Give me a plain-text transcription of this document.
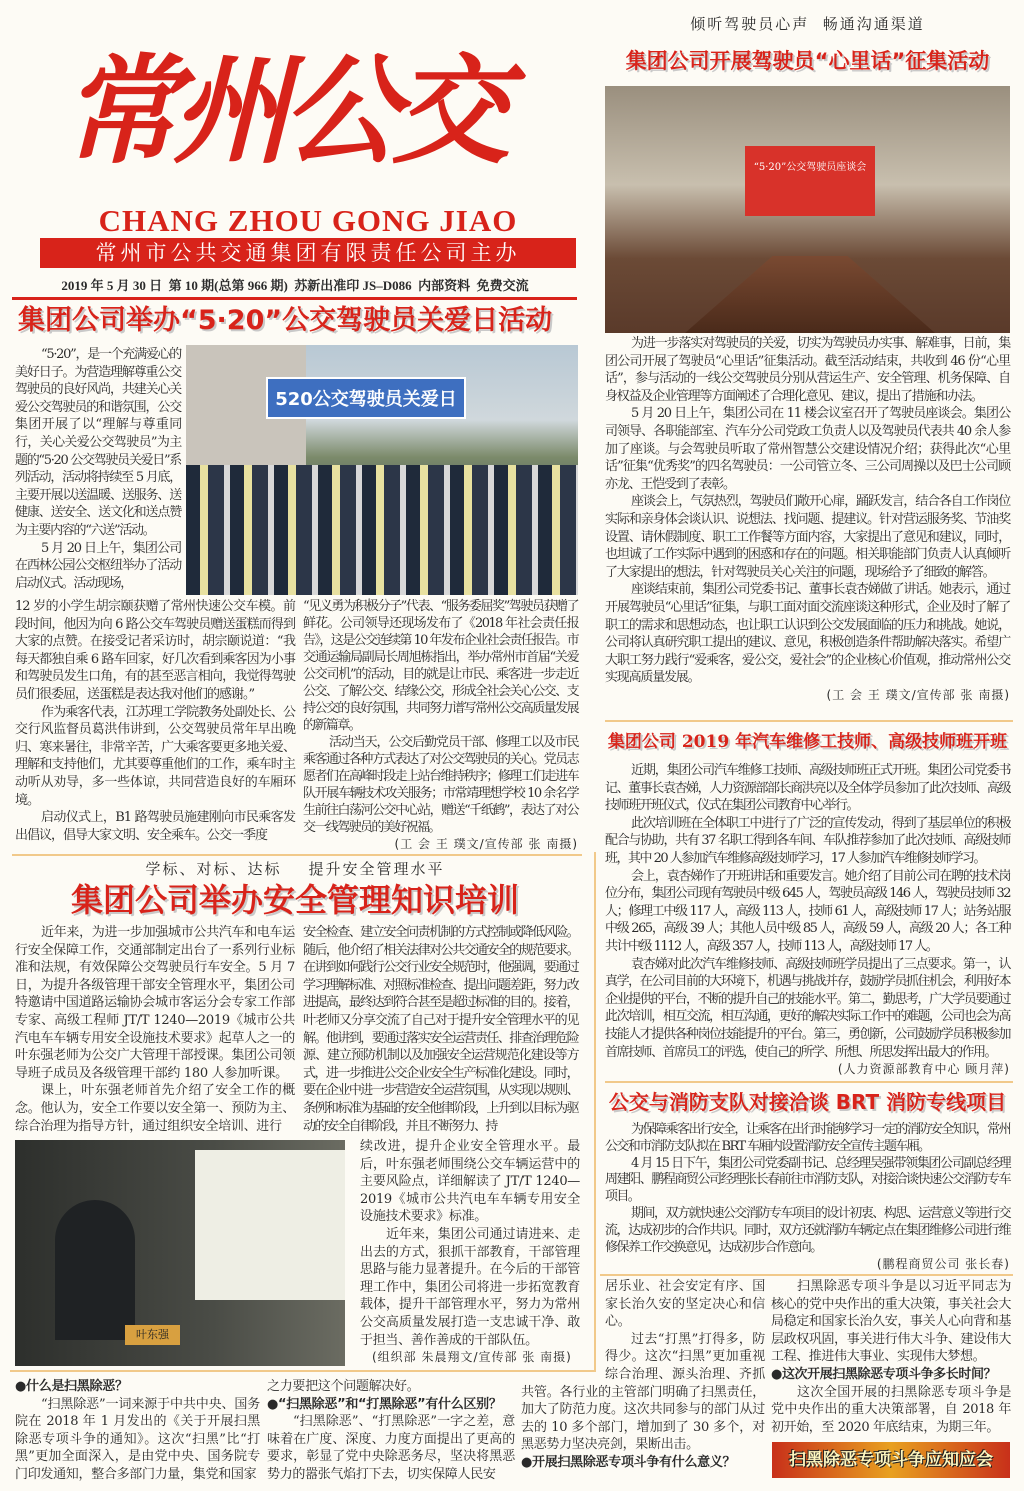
常州公交
CHANG ZHOU GONG JIAO
常州市公共交通集团有限责任公司主办
2019 年 5 月 30 日  第 10 期(总第 966 期)  苏新出准印 JS–D086  内部资料  免费交流
集团公司举办“5·20”公交驾驶员关爱日活动

“5·20”，是一个充满爱心的美好日子。为营造理解尊重公交驾驶员的良好风尚，共建关心关爱公交驾驶员的和谐氛围，公交集团开展了以“理解与尊重同行，关心关爱公交驾驶员”为主题的“5·20 公交驾驶员关爱日”系列活动，活动将持续至 5 月底，主要开展以送温暖、送服务、送健康、送安全、送文化和送点赞为主要内容的“六送”活动。

5 月 20 日上午，集团公司在西林公园公交枢纽举办了活动启动仪式。活动现场，

520公交驾驶员关爱日

12 岁的小学生胡宗颐获赠了常州快速公交车模。前段时间，他因为向 6 路公交车驾驶员赠送蛋糕而得到大家的点赞。在接受记者采访时，胡宗颐说道：“我每天都独自乘 6 路车回家，好几次看到乘客因为小事和驾驶员发生口角，有的甚至恶言相向，我觉得驾驶员们很委屈，送蛋糕是表达我对他们的感谢。”

作为乘客代表，江苏理工学院教务处副处长、公交行风监督员葛洪伟讲到，公交驾驶员常年早出晚归、寒来暑往，非常辛苦，广大乘客要更多地关爱、理解和支持他们，尤其要尊重他们的工作，乘车时主动听从劝导，多一些体谅，共同营造良好的车厢环境。

启动仪式上，B1 路驾驶员施建刚向市民乘客发出倡议，倡导大家文明、安全乘车。公交一季度

“见义勇为积极分子”代表、“服务委屈奖”驾驶员获赠了鲜花。公司领导还现场发布了《2018 年社会责任报告》，这是公交连续第 10 年发布企业社会责任报告。市交通运输局副局长周旭栋指出，举办常州市首届“关爱公交司机”的活动，目的就是让市民、乘客进一步走近公交、了解公交、结缘公交，形成全社会关心公交、支持公交的良好氛围，共同努力谱写常州公交高质量发展的新篇章。

活动当天，公交后勤党员干部、修理工以及市民乘客通过各种方式表达了对公交驾驶员的关心。党员志愿者们在高峰时段走上站台维持秩序；修理工们走进车队开展车辆技术攻关服务；市常靖理想学校 10 余名学生前往白荡河公交中心站，赠送“千纸鹤”，表达了对公交一线驾驶员的美好祝福。

(工 会 王 璞文/宣传部 张 南摄)

学标、对标、达标    提升安全管理水平
集团公司举办安全管理知识培训

近年来，为进一步加强城市公共汽车和电车运行安全保障工作，交通部制定出台了一系列行业标准和法规，有效保障公交驾驶员行车安全。5 月 7 日，为提升各级管理干部安全管理水平，集团公司特邀请中国道路运输协会城市客运分会专家工作部专家、高级工程师 JT/T 1240—2019《城市公共汽电车车辆专用安全设施技术要求》起草人之一的叶东强老师为公交广大管理干部授课。集团公司领导班子成员及各级管理干部约 180 人参加听课。

课上，叶东强老师首先介绍了安全工作的概念。他认为，安全工作要以安全第一、预防为主、综合治理为指导方针，通过组织安全培训、进行

安全检查、建立安全问责机制的方式控制或降低风险。随后，他介绍了相关法律对公共交通安全的规范要求。在讲到如何践行公交行业安全规范时，他强调，要通过学习理解标准、对照标准检查、提出问题差距，努力改进提高，最终达到符合甚至是超过标准的目的。接着，叶老师又分享交流了自己对于提升安全管理水平的见解。他讲到，要通过落实安全运营责任、排查治理危险源、建立预防机制以及加强安全运营规范化建设等方式，进一步推进公交企业安全生产标准化建设。同时，要在企业中进一步营造安全运营氛围，从实现以规则、条例和标准为基础的安全他律阶段，上升到以目标为驱动的安全自律阶段，并且不断努力、持

叶东强

续改进，提升企业安全管理水平。最后，叶东强老师围绕公交车辆运营中的主要风险点，详细解读了 JT/T 1240—2019《城市公共汽电车车辆专用安全设施技术要求》标准。

近年来，集团公司通过请进来、走出去的方式，狠抓干部教育，干部管理思路与能力显著提升。在今后的干部管理工作中，集团公司将进一步拓宽教育载体，提升干部管理水平，努力为常州公交高质量发展打造一支忠诚干净、敢于担当、善作善成的干部队伍。

(组织部 朱晨翔文/宣传部 张 南摄)

●什么是扫黑除恶？

“扫黑除恶”一词来源于中共中央、国务院在 2018 年 1 月发出的《关于开展扫黑除恶专项斗争的通知》。这次“扫黑”比“打黑”更加全面深入，是由党中央、国务院专门印发通知，整合多部门力量，集党和国家

之力要把这个问题解决好。

●“扫黑除恶”和“打黑除恶”有什么区别？

“扫黑除恶”、“打黑除恶”一字之差，意味着在广度、深度、力度方面提出了更高的要求，彰显了党中央除恶务尽，坚决将黑恶势力的嚣张气焰打下去，切实保障人民安

居乐业、社会安定有序、国家长治久安的坚定决心和信心。

过去“打黑”打得多，防得少。这次“扫黑”更加重视综合治理、源头治理、齐抓共管。各行业的主管部门明确了扫黑责任，加大了防范力度。这次共同参与的部门从过去的 10 多个部门，增加到了 30 多个，对黑恶势力坚决亮剑，果断出击。

●开展扫黑除恶专项斗争有什么意义？

扫黑除恶专项斗争是以习近平同志为核心的党中央作出的重大决策，事关社会大局稳定和国家长治久安，事关人心向背和基层政权巩固，事关进行伟大斗争、建设伟大工程、推进伟大事业、实现伟大梦想。

●这次开展扫黑除恶专项斗争多长时间？

这次全国开展的扫黑除恶专项斗争是党中央作出的重大决策部署，自 2018 年初开始，至 2020 年底结束，为期三年。

扫黑除恶专项斗争应知应会
倾听驾驶员心声  畅通沟通渠道
集团公司开展驾驶员“心里话”征集活动
“5·20”公交驾驶员座谈会

为进一步落实对驾驶员的关爱，切实为驾驶员办实事、解难事，日前，集团公司开展了驾驶员“心里话”征集活动。截至活动结束，共收到 46 份“心里话”，参与活动的一线公交驾驶员分别从营运生产、安全管理、机务保障、自身权益及企业管理等方面阐述了合理化意见、建议，提出了措施和办法。

5 月 20 日上午，集团公司在 11 楼会议室召开了驾驶员座谈会。集团公司领导、各职能部室、汽车分公司党政工负责人以及驾驶员代表共 40 余人参加了座谈。与会驾驶员听取了常州智慧公交建设情况介绍；获得此次“心里话”征集“优秀奖”的四名驾驶员：一公司管立冬、三公司周操以及巴士公司顾亦龙、王恺受到了表彰。

座谈会上，气氛热烈，驾驶员们敞开心扉，踊跃发言，结合各自工作岗位实际和亲身体会谈认识、说想法、找问题、提建议。针对营运服务奖、节油奖设置、请休假制度、职工工作餐等方面内容，大家提出了意见和建议，同时，也坦诚了工作实际中遇到的困惑和存在的问题。相关职能部门负责人认真倾听了大家提出的想法，针对驾驶员关心关注的问题，现场给予了细致的解答。

座谈结束前，集团公司党委书记、董事长袁杏娣做了讲话。她表示，通过开展驾驶员“心里话”征集，与职工面对面交流座谈这种形式，企业及时了解了职工的需求和思想动态，也让职工认识到公交发展面临的压力和挑战。她说，公司将认真研究职工提出的建议、意见，积极创造条件帮助解决落实。希望广大职工努力践行“爱乘客，爱公交，爱社会”的企业核心价值观，推动常州公交实现高质量发展。

(工 会 王 璞文/宣传部 张 南摄)

集团公司 2019 年汽车维修工技师、高级技师班开班

近期，集团公司汽车维修工技师、高级技师班正式开班。集团公司党委书记、董事长袁杏娣，人力资源部部长商洪亮以及全体学员参加了此次技师、高级技师班开班仪式，仪式在集团公司教育中心举行。

此次培训班在全体职工中进行了广泛的宣传发动，得到了基层单位的积极配合与协助，共有 37 名职工得到各车间、车队推荐参加了此次技师、高级技师班，其中 20 人参加汽车维修高级技师学习，17 人参加汽车维修技师学习。

会上，袁杏娣作了开班讲话和重要发言。她介绍了目前公司在聘的技术岗位分布，集团公司现有驾驶员中级 645 人，驾驶员高级 146 人，驾驶员技师 32 人；修理工中级 117 人，高级 113 人，技师 61 人，高级技师 17 人；站务站服中级 265，高级 39 人；其他人员中级 85 人，高级 59 人，高级 20 人；各工种共计中级 1112 人，高级 357 人，技师 113 人，高级技师 17 人。

袁杏娣对此次汽车维修技师、高级技师班学员提出了三点要求。第一，认真学，在公司目前的大环境下，机遇与挑战并存，鼓励学员抓住机会，利用好本企业提供的平台，不断的提升自己的技能水平。第二，勤思考，广大学员要通过此次培训，相互交流，相互沟通，更好的解决实际工作中的难题，公司也会为高技能人才提供各种岗位技能提升的平台。第三，勇创新，公司鼓励学员积极参加首席技师、首席员工的评选，使自己的所学、所想、所思发挥出最大的作用。

(人力资源部教育中心 顾月萍)

公交与消防支队对接洽谈 BRT 消防专线项目

为保障乘客出行安全，让乘客在出行时能够学习一定的消防安全知识，常州公交和市消防支队拟在 BRT 车厢内设置消防安全宣传主题车厢。

4 月 15 日下午，集团公司党委副书记、总经理吴强带领集团公司副总经理周建阳、鹏程商贸公司经理张长春前往市消防支队，对接洽谈快速公交消防专车项目。

期间，双方就快速公交消防专车项目的设计初衷、构思、运营意义等进行交流，达成初步的合作共识。同时，双方还就消防车辆定点在集团维修公司进行维修保养工作交换意见，达成初步合作意向。

(鹏程商贸公司 张长春)
